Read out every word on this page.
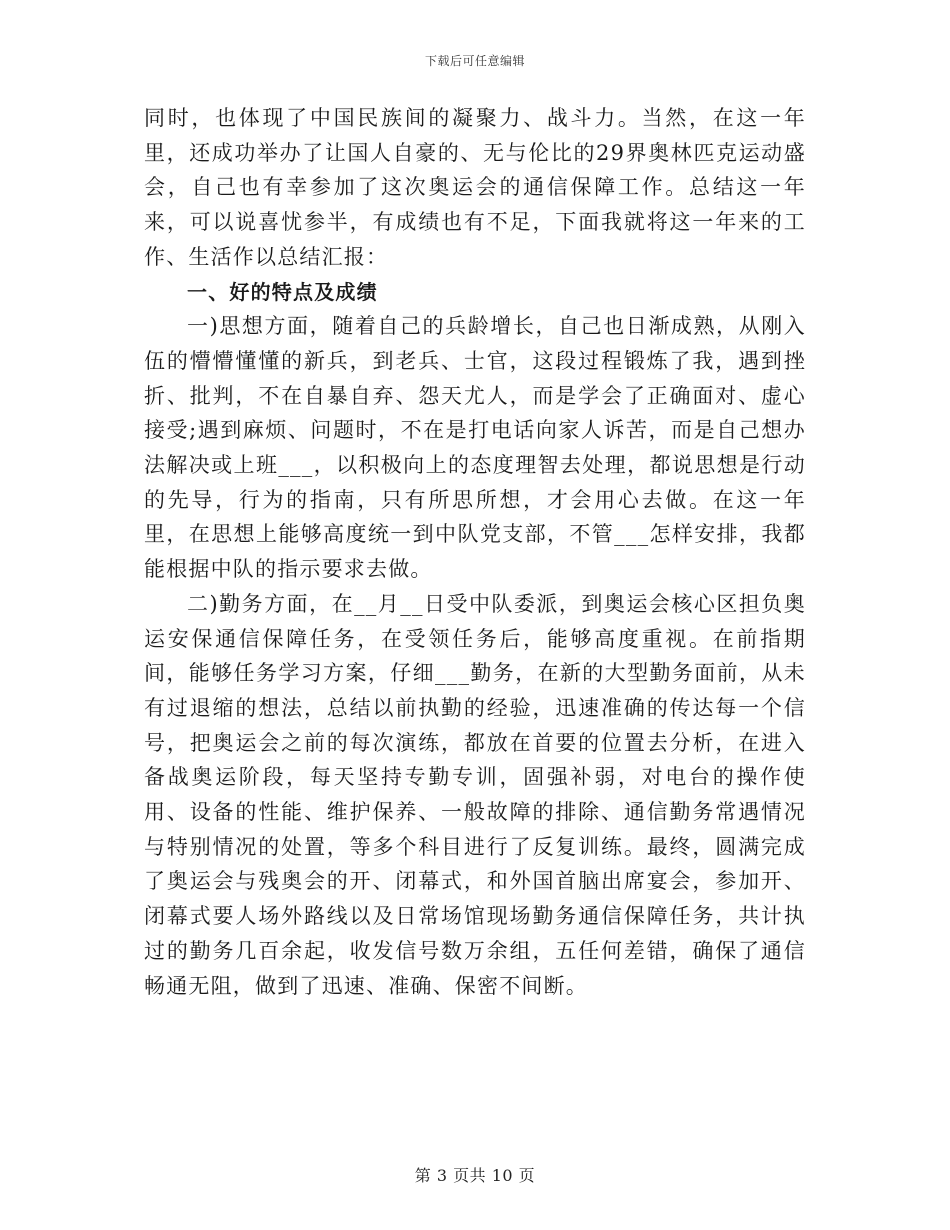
下载后可任意编辑

同时，也体现了中国民族间的凝聚力、战斗力。当然，在这一年里，还成功举办了让国人自豪的、无与伦比的29界奥林匹克运动盛会，自己也有幸参加了这次奥运会的通信保障工作。总结这一年来，可以说喜忧参半，有成绩也有不足，下面我就将这一年来的工作、生活作以总结汇报：

一、好的特点及成绩

一)思想方面，随着自己的兵龄增长，自己也日渐成熟，从刚入伍的懵懵懂懂的新兵，到老兵、士官，这段过程锻炼了我，遇到挫折、批判，不在自暴自弃、怨天尤人，而是学会了正确面对、虚心接受;遇到麻烦、问题时，不在是打电话向家人诉苦，而是自己想办法解决或上班___，以积极向上的态度理智去处理，都说思想是行动的先导，行为的指南，只有所思所想，才会用心去做。在这一年里，在思想上能够高度统一到中队党支部，不管___怎样安排，我都能根据中队的指示要求去做。

二)勤务方面，在__月__日受中队委派，到奥运会核心区担负奥运安保通信保障任务，在受领任务后，能够高度重视。在前指期间，能够任务学习方案，仔细___勤务，在新的大型勤务面前，从未有过退缩的想法，总结以前执勤的经验，迅速准确的传达每一个信号，把奥运会之前的每次演练，都放在首要的位置去分析，在进入备战奥运阶段，每天坚持专勤专训，固强补弱，对电台的操作使用、设备的性能、维护保养、一般故障的排除、通信勤务常遇情况与特别情况的处置，等多个科目进行了反复训练。最终，圆满完成了奥运会与残奥会的开、闭幕式，和外国首脑出席宴会，参加开、闭幕式要人场外路线以及日常场馆现场勤务通信保障任务，共计执过的勤务几百余起，收发信号数万余组，五任何差错，确保了通信畅通无阻，做到了迅速、准确、保密不间断。

第 3 页共 10 页
